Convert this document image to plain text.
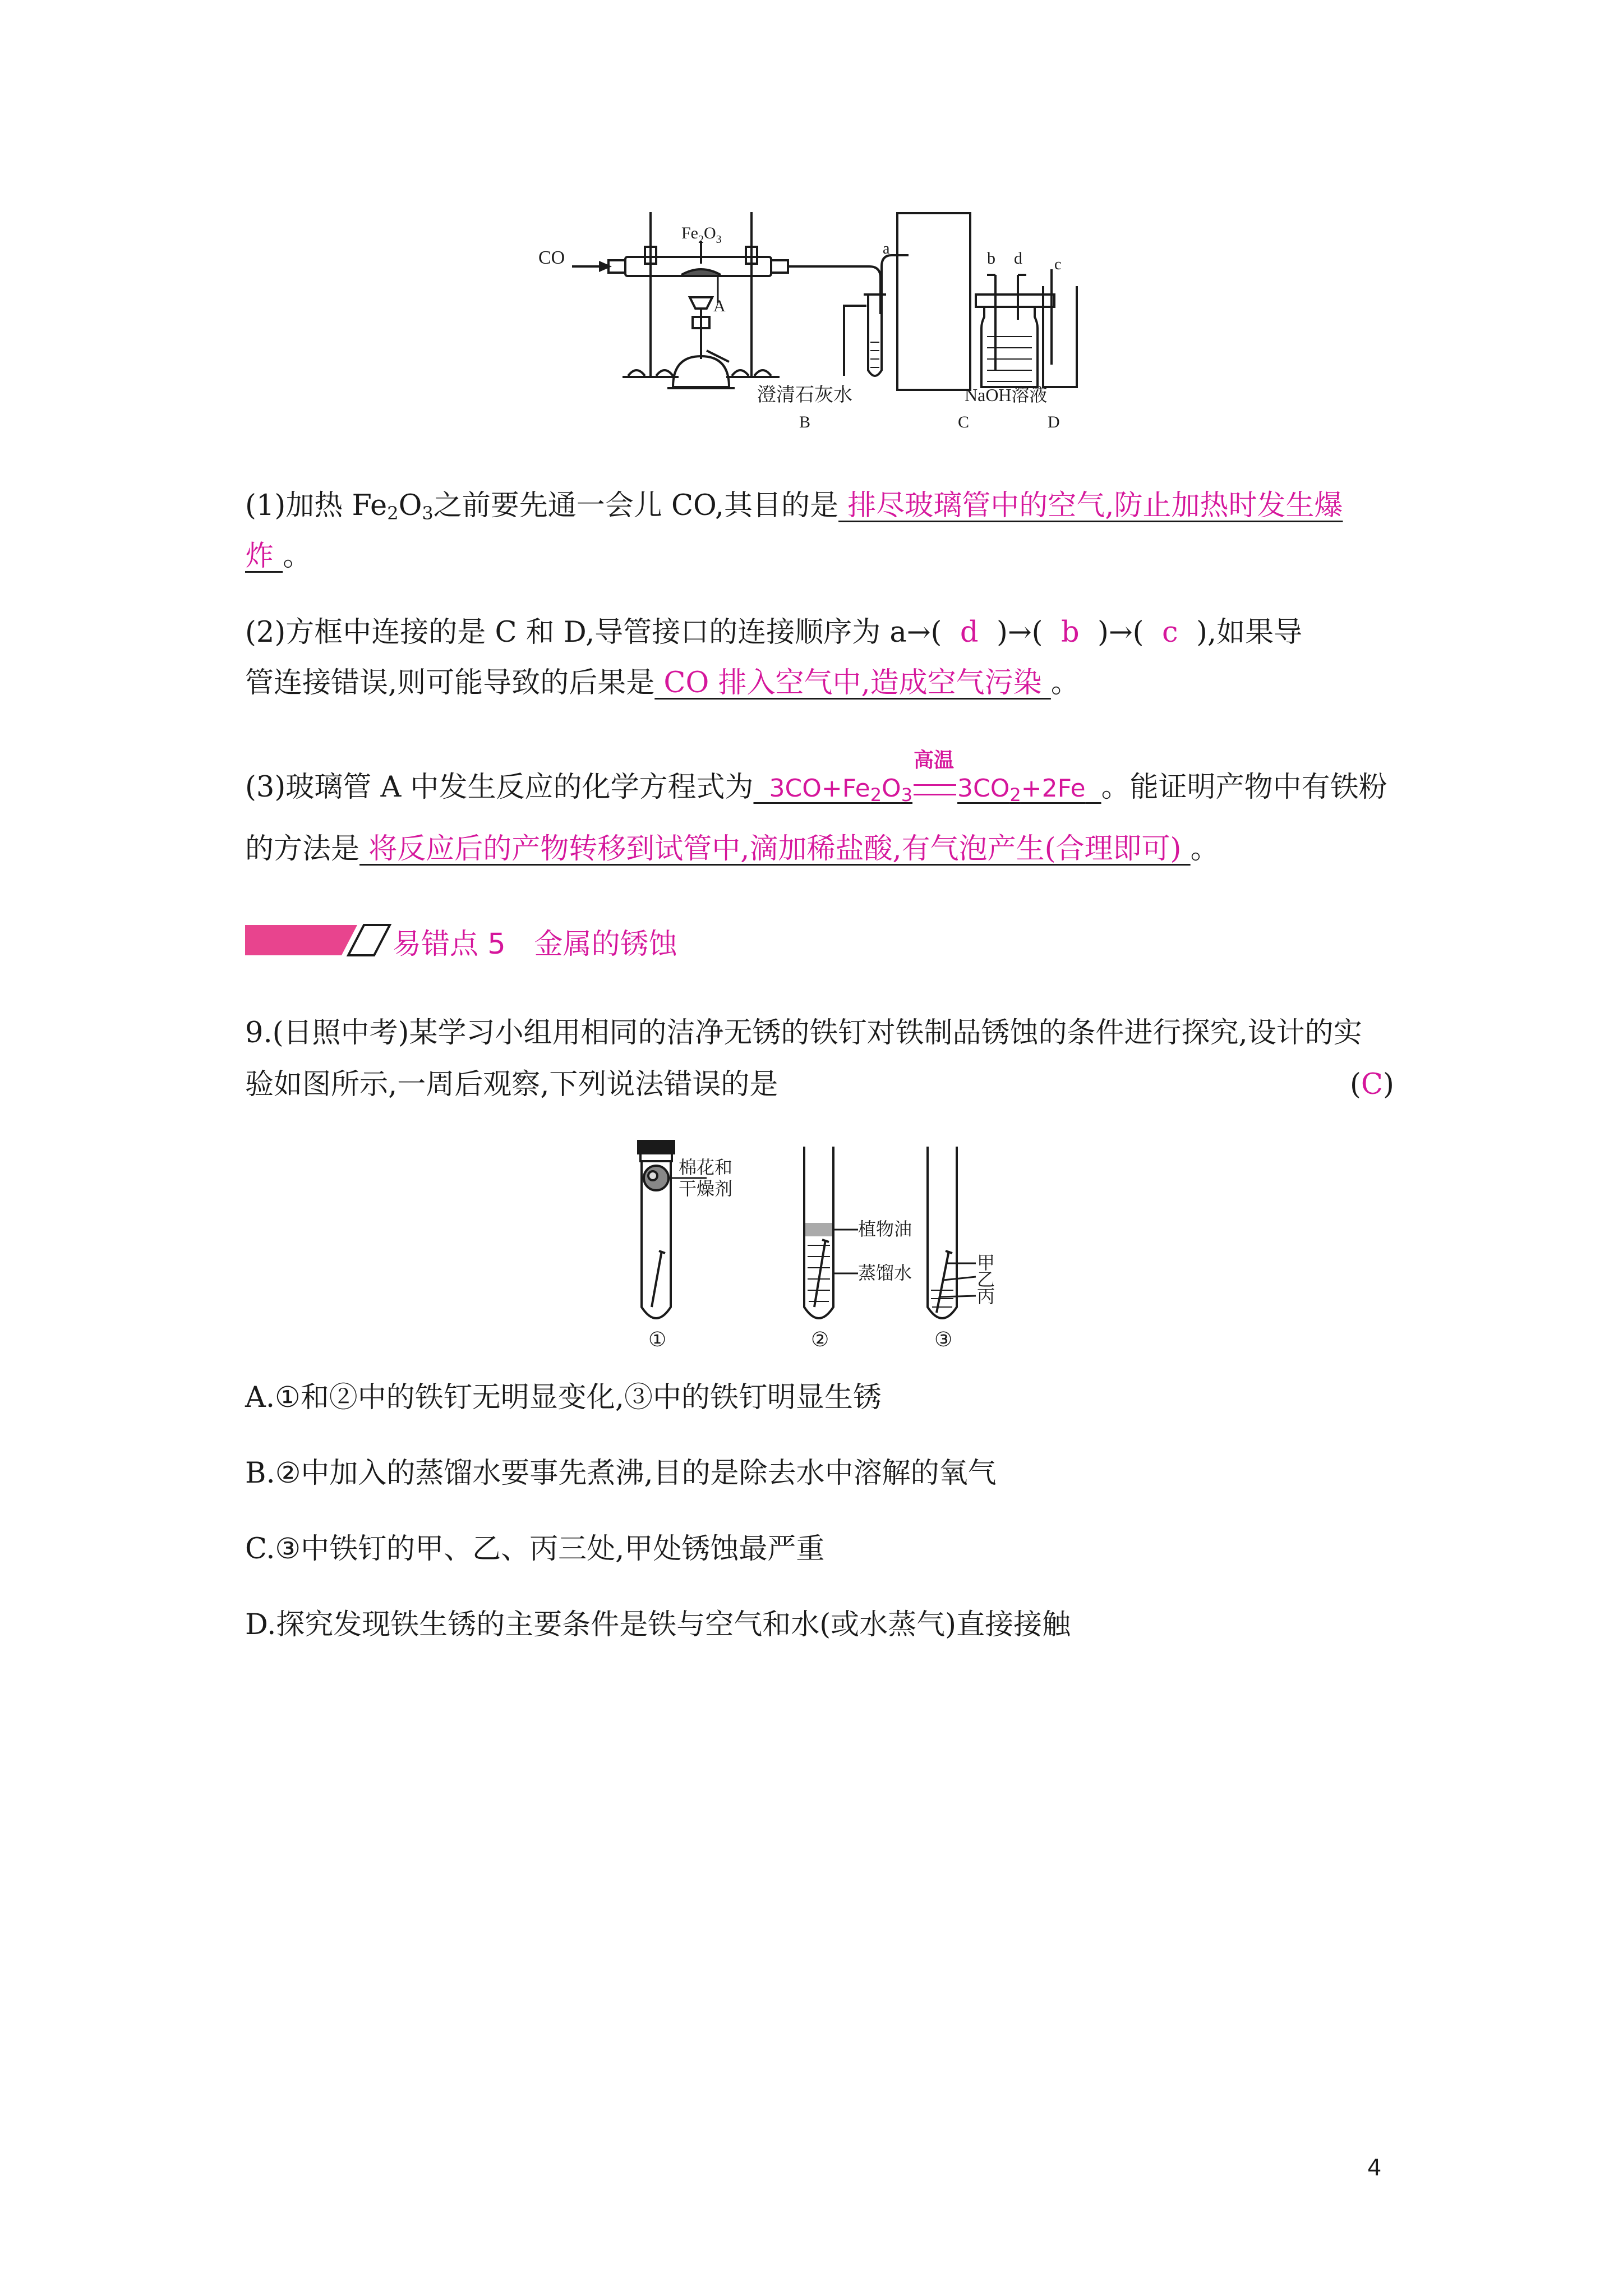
CO
$Fe_2O_3$
A
a
b d c
澄清石灰水	NaOH溶液
B	C	D
(1)加热 $Fe_2O_3$之前要先通一会儿 CO,其目的是 排尽玻璃管中的空气,防止加热时发生爆
炸 。
(2)方框中连接的是 C 和 D,导管接口的连接顺序为 a→( d )→( b )→( c ),如果导
管连接错误,则可能导致的后果是 CO 排入空气中,造成空气污染 。
(3)玻璃管 A 中发生反应的化学方程式为 $3CO+Fe_2O_3$
高温
$3CO_2+2Fe$ 。能证明产物中有铁粉
的方法是 将反应后的产物转移到试管中,滴加稀盐酸,有气泡产生(合理即可) 。
易错点 5　金属的锈蚀
9.(日照中考)某学习小组用相同的洁净无锈的铁钉对铁制品锈蚀的条件进行探究,设计的实
验如图所示,一周后观察,下列说法错误的是	(C)
棉花和
干燥剂
植物油
蒸馏水	甲
乙
丙
①	②	③
A.①和②中的铁钉无明显变化,③中的铁钉明显生锈
B.②中加入的蒸馏水要事先煮沸,目的是除去水中溶解的氧气
C.③中铁钉的甲、乙、丙三处,甲处锈蚀最严重
D.探究发现铁生锈的主要条件是铁与空气和水(或水蒸气)直接接触
4
